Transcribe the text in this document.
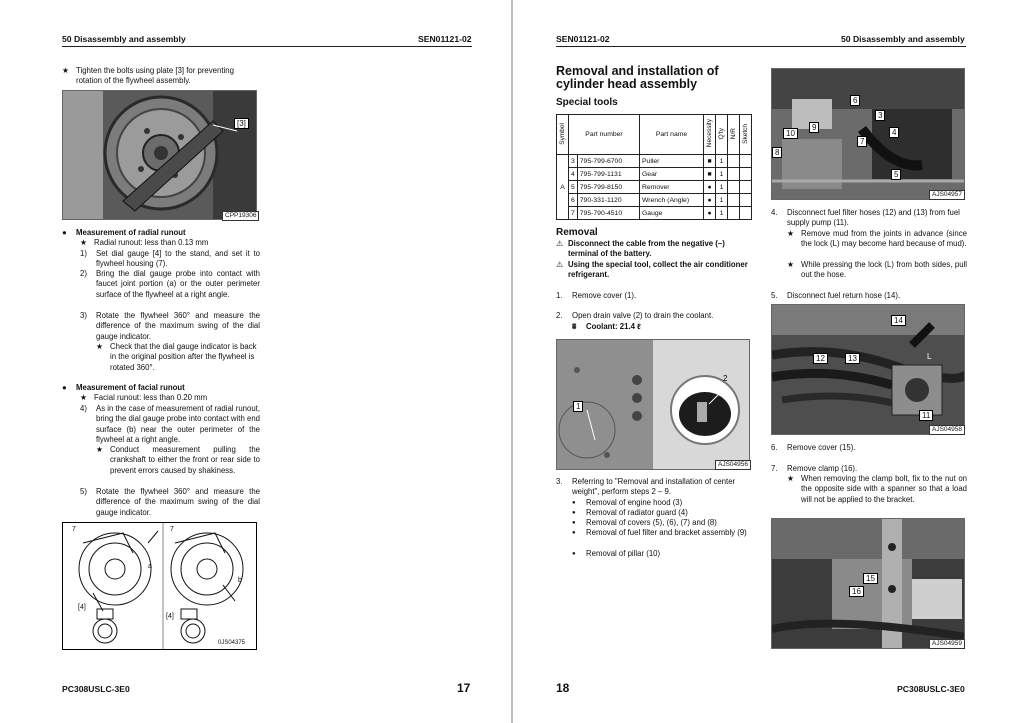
50 Disassembly and assembly	SEN01121-02
★ Tighten the bolts using plate [3] for preventing rotation of the flywheel assembly.
[3]
CPP19306
●	Measurement of radial runout
★ Radial runout: less than 0.13 mm
1)	Set dial gauge [4] to the stand, and set it to flywheel housing (7).
2)	Bring the dial gauge probe into contact with faucet joint portion (a) or the outer perimeter surface of the flywheel at a right angle.
3)	Rotate the flywheel 360° and measure the difference of the maximum swing of the dial gauge indicator.
★ Check that the dial gauge indicator is back in the original position after the flywheel is rotated 360°.
●	Measurement of facial runout
★ Facial runout: less than 0.20 mm
4)	As in the case of measurement of radial runout, bring the dial gauge probe into contact with end surface (b) near the outer perimeter of the flywheel at a right angle.
★ Conduct measurement pulling the crankshaft to either the front or rear side to prevent errors caused by shakiness.
5)	Rotate the flywheel 360° and measure the difference of the maximum swing of the dial gauge indicator.
7
a
[4]
7
b
[4]
0JS04375
PC308USLC-3E0	17
SEN01121-02	50 Disassembly and assembly
Removal and installation of
cylinder head assembly
Special tools
Symbol	Part number		Part name	Necessity	Q'ty	N/R	Sketch
A	3	795-799-6700	Puller	■	1		
	4	795-799-1131	Gear	■	1		
	5	795-799-8150	Remover	●	1		
	6	790-331-1120	Wrench (Angle)	●	1		
	7	795-790-4510	Gauge	●	1		
Removal
⚠ Disconnect the cable from the negative (–) terminal of the battery.
⚠ Using the special tool, collect the air conditioner refrigerant.
1.	Remove cover (1).
2.	Open drain valve (2) to drain the coolant.
⩩	Coolant: 21.4 ℓ
1
2
AJS04956
3.	Referring to "Removal and installation of center weight", perform steps 2 – 9.
●	Removal of engine hood (3)
●	Removal of radiator guard (4)
●	Removal of covers (5), (6), (7) and (8)
●	Removal of fuel filter and bracket assembly (9)
●	Removal of pillar (10)
6
9
10
3
4
7
8
5
AJS04957
4.	Disconnect fuel filter hoses (12) and (13) from fuel supply pump (11).
★ Remove mud from the joints in advance (since the lock (L) may become hard because of mud).
★ While pressing the lock (L) from both sides, pull out the hose.
5.	Disconnect fuel return hose (14).
14
12	13	L
11
AJS04958
6.	Remove cover (15).
7.	Remove clamp (16).
★ When removing the clamp bolt, fix to the nut on the opposite side with a spanner so that a load will not be applied to the bracket.
15
16
AJS04959
18	PC308USLC-3E0
